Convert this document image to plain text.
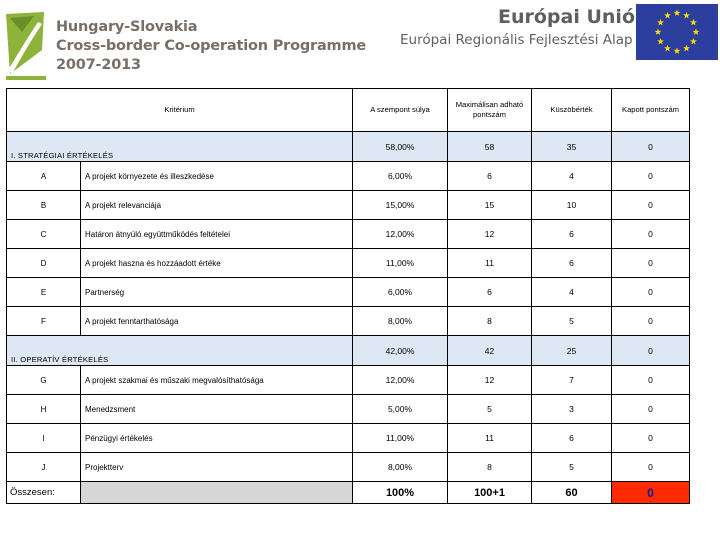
Hungary-Slovakia
Cross-border Co-operation Programme
2007-2013
Európai Unió
Európai Regionális Fejlesztési Alap
Kritérium		A szempont súlya	Maximálisan adható pontszám	Küszöbérték	Kapott pontszám
I. STRATÉGIAI ÉRTÉKELÉS		58,00%	58	35	0
A	A projekt környezete és illeszkedése	6,00%	6	4	0
B	A projekt relevanciája	15,00%	15	10	0
C	Határon átnyúló együttműködés feltételei	12,00%	12	6	0
D	A projekt haszna és hozzáadott értéke	11,00%	11	6	0
E	Partnerség	6,00%	6	4	0
F	A projekt fenntarthatósága	8,00%	8	5	0
II. OPERATÍV ÉRTÉKELÉS		42,00%	42	25	0
G	A projekt szakmai és műszaki megvalósíthatósága	12,00%	12	7	0
H	Menedzsment	5,00%	5	3	0
I	Pénzügyi értékelés	11,00%	11	6	0
J	Projektterv	8,00%	8	5	0
Összesen:		100%	100+1	60	0
